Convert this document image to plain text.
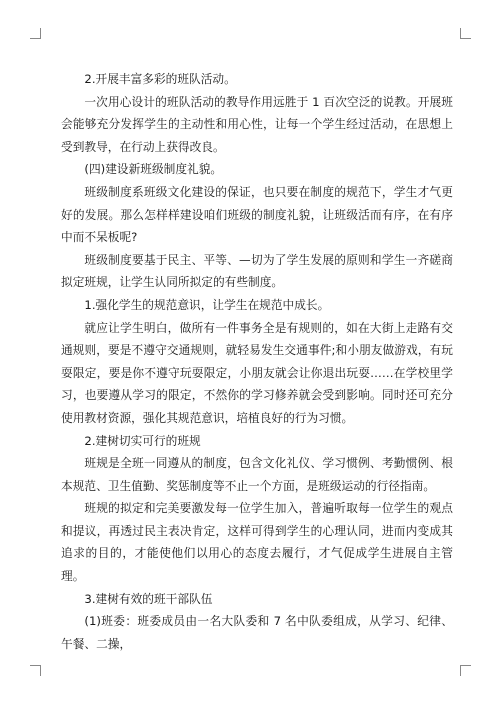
2.开展丰富多彩的班队活动。

一次用心设计的班队活动的教导作用远胜于 1 百次空泛的说教。开展班会能够充分发挥学生的主动性和用心性，让每一个学生经过活动，在思想上受到教导，在行动上获得改良。

(四)建设新班级制度礼貌。

班级制度系班级文化建设的保证，也只要在制度的规范下，学生才气更好的发展。那么怎样样建设咱们班级的制度礼貌，让班级活而有序，在有序中而不呆板呢?

班级制度要基于民主、平等、—切为了学生发展的原则和学生一齐磋商拟定班规，让学生认同所拟定的有些制度。

1.强化学生的规范意识，让学生在规范中成长。

就应让学生明白，做所有一件事务全是有规则的，如在大街上走路有交通规则，要是不遵守交通规则，就轻易发生交通事件;和小朋友做游戏，有玩耍限定，要是你不遵守玩耍限定，小朋友就会让你退出玩耍……在学校里学习，也要遵从学习的限定，不然你的学习修养就会受到影响。同时还可充分使用教材资源，强化其规范意识，培植良好的行为习惯。

2.建树切实可行的班规

班规是全班一同遵从的制度，包含文化礼仪、学习惯例、考勤惯例、根本规范、卫生值勤、奖惩制度等不止一个方面，是班级运动的行径指南。

班规的拟定和完美要激发每一位学生加入，普遍听取每一位学生的观点和提议，再透过民主表决肯定，这样可得到学生的心理认同，进而内变成其追求的目的，才能使他们以用心的态度去履行，才气促成学生进展自主管理。

3.建树有效的班干部队伍

(1)班委：班委成员由一名大队委和 7 名中队委组成，从学习、纪律、午餐、二操，
